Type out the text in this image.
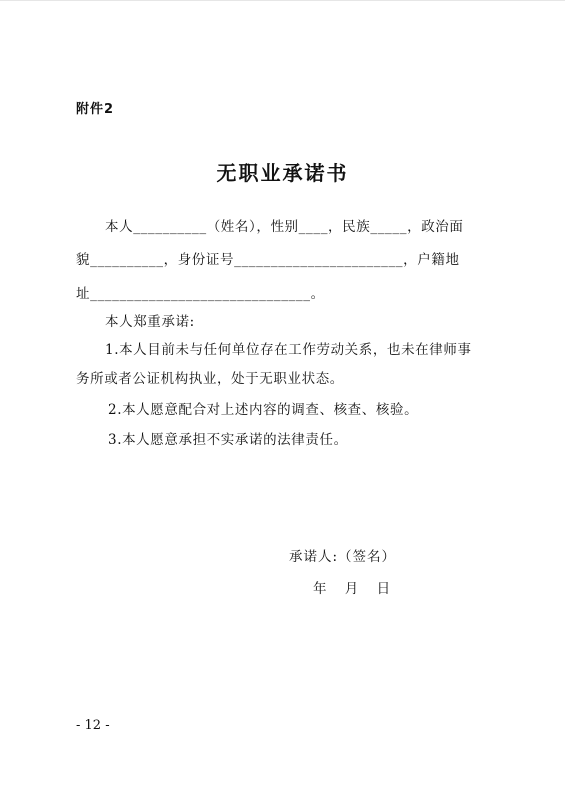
附件2
无职业承诺书
本人__________（姓名），性别____，民族_____，政治面
貌__________，身份证号_______________________，户籍地
址______________________________。
本人郑重承诺:
1.本人目前未与任何单位存在工作劳动关系，也未在律师事
务所或者公证机构执业，处于无职业状态。
2.本人愿意配合对上述内容的调查、核查、核验。
3.本人愿意承担不实承诺的法律责任。
承诺人:（签名）
年 月 日
- 12 -
